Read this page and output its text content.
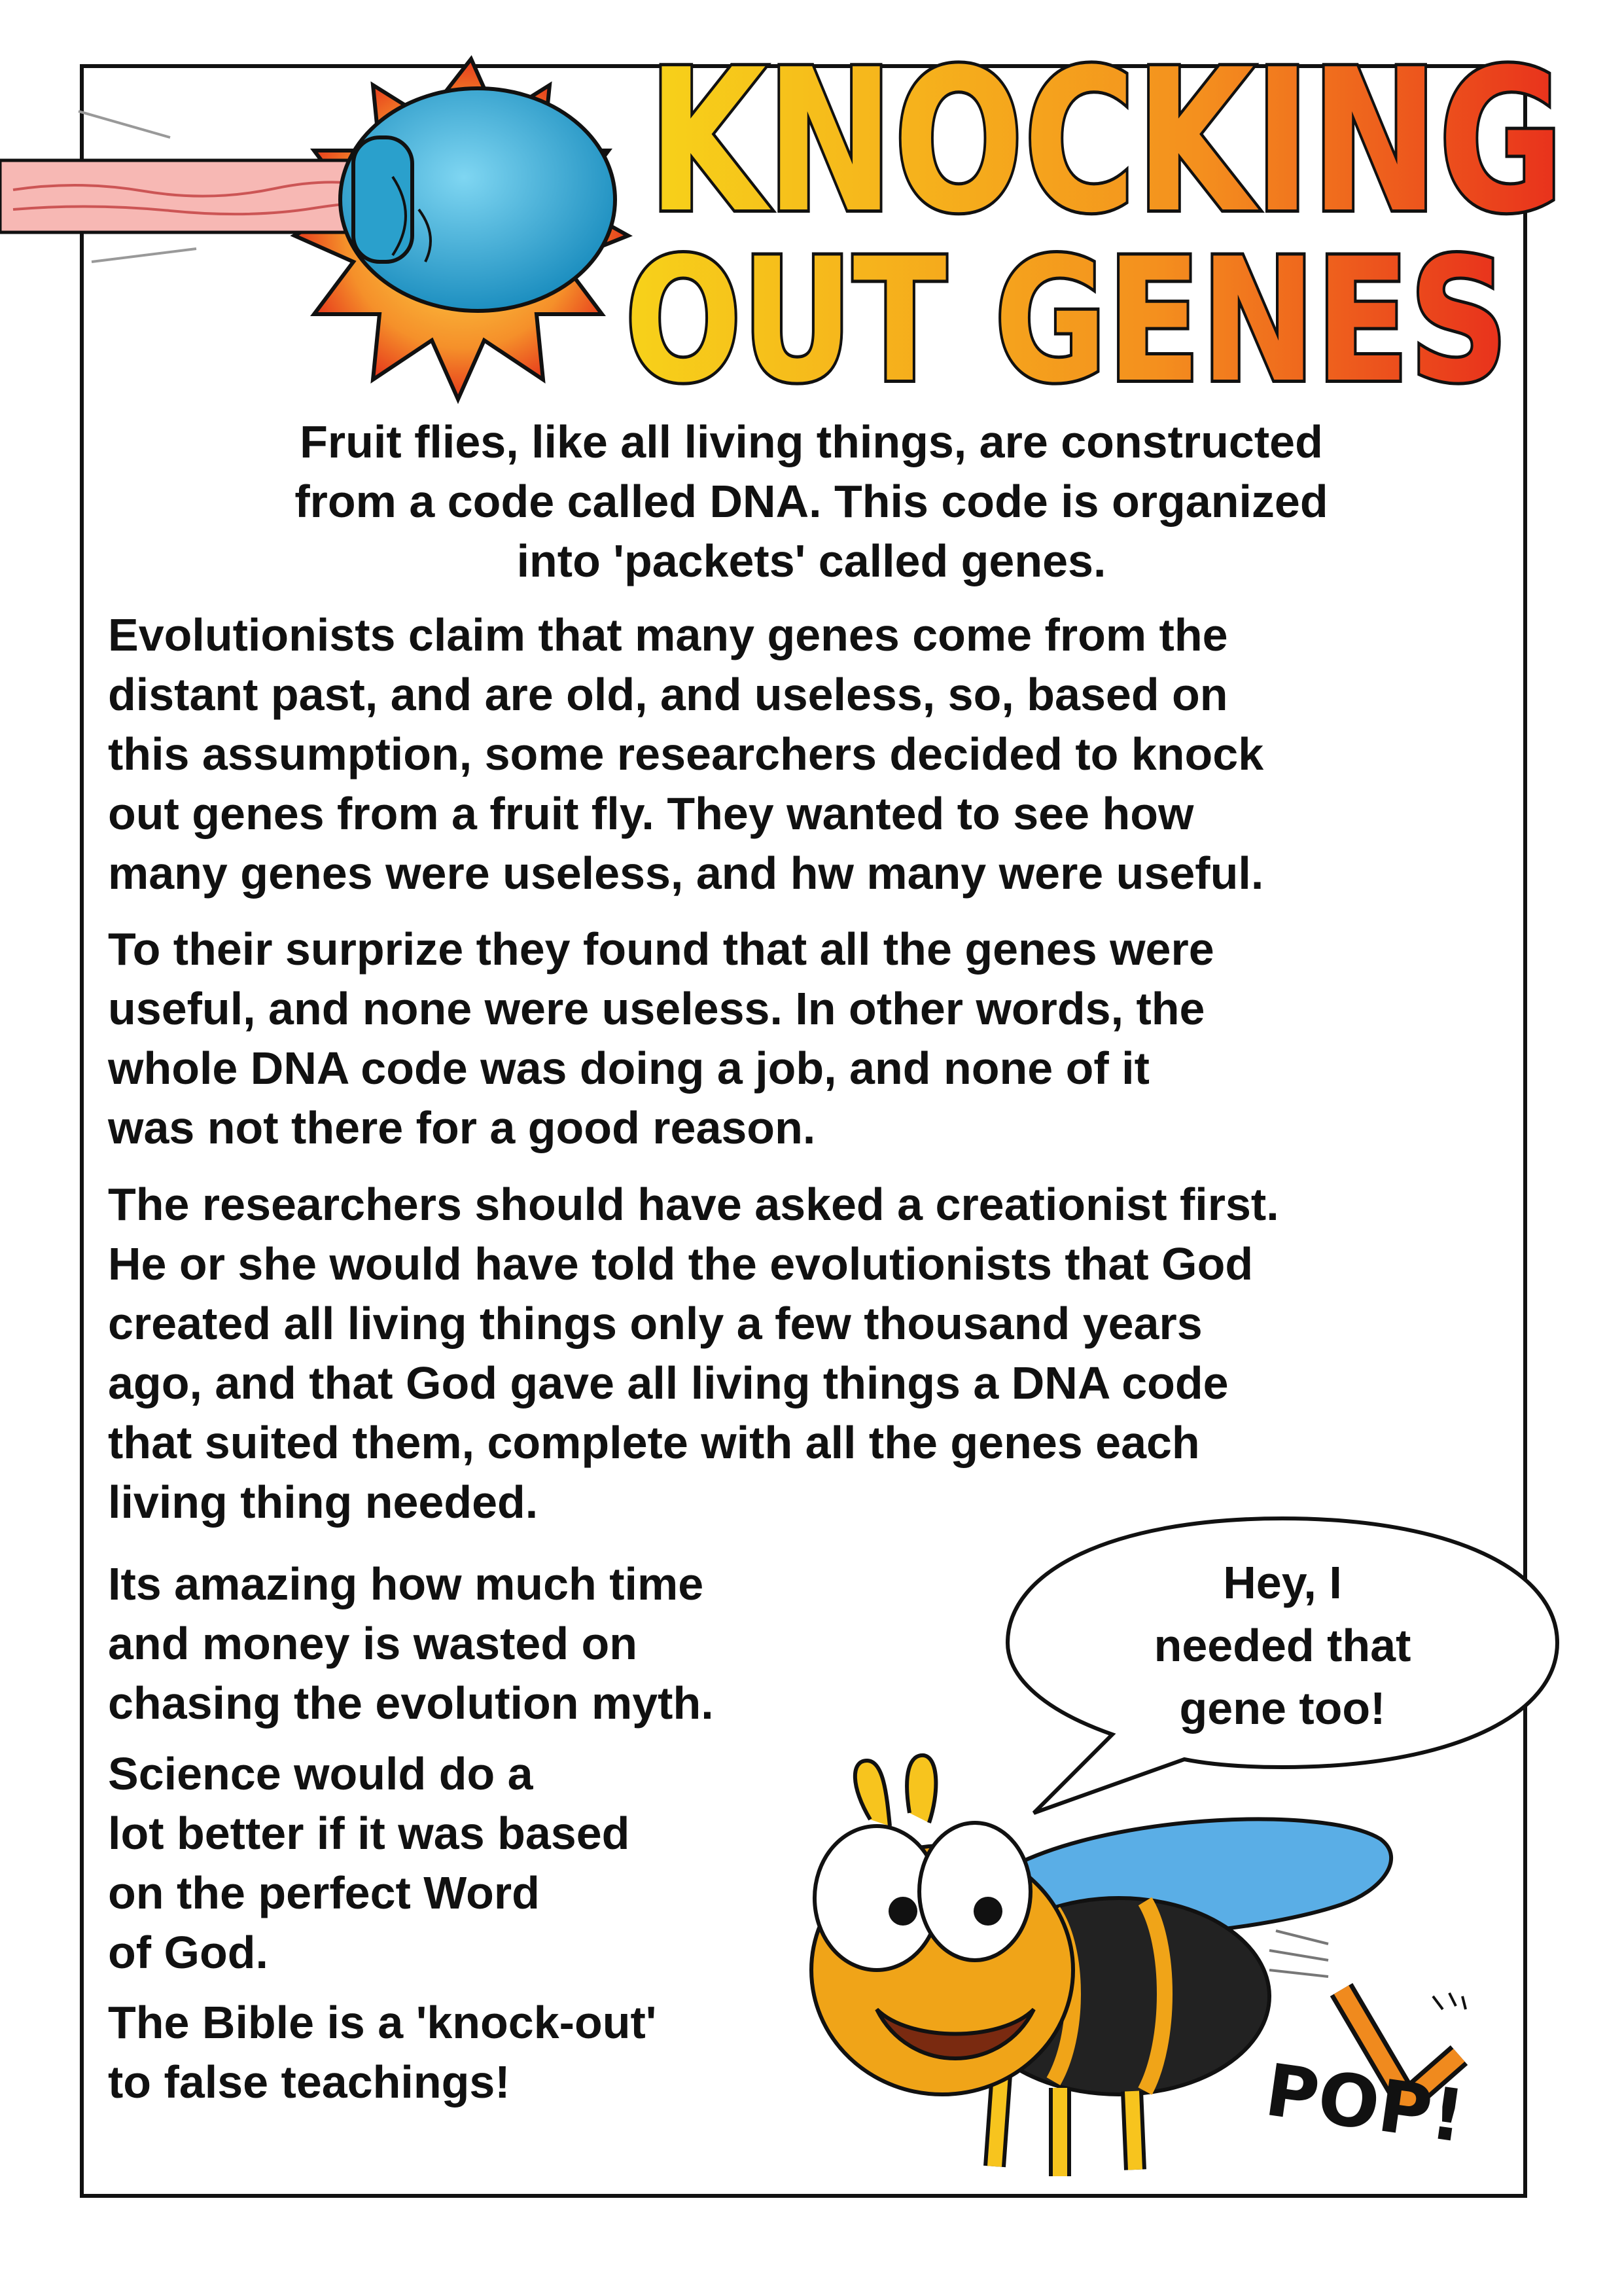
KNOCKING
OUT GENES

Fruit flies, like all living things, are constructed
from a code called DNA. This code is organized
into 'packets' called genes.

Evolutionists claim that many genes come from the
distant past, and are old, and useless, so, based on
this assumption, some researchers decided to knock
out genes from a fruit fly. They wanted to see how
many genes were useless, and hw many were useful.

To their surprize they found that all the genes were
useful, and none were useless. In other words, the
whole DNA code was doing a job, and none of it
was not there for a good reason.

The researchers should have asked a creationist first.
He or she would have told the evolutionists that God
created all living things only a few thousand years
ago, and that God gave all living things a DNA code
that suited them, complete with all the genes each
living thing needed.

Its amazing how much time
and money is wasted on
chasing the evolution myth.

Science would do a
lot better if it was based
on the perfect Word
of God.

The Bible is a 'knock-out'
to false teachings!

Hey, I
needed that
gene too!

POP!
